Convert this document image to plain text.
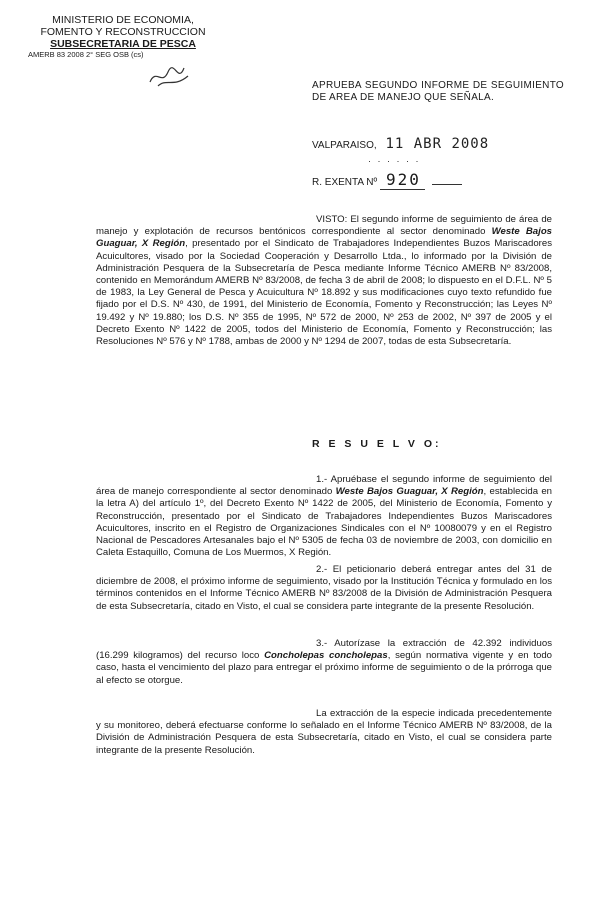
MINISTERIO DE ECONOMIA,
FOMENTO Y RECONSTRUCCION
SUBSECRETARIA DE PESCA
AMERB 83 2008 2° SEG OSB (cs)
APRUEBA SEGUNDO INFORME DE SEGUIMIENTO DE AREA DE MANEJO QUE SEÑALA.
VALPARAISO, 11 ABR 2008
· · · · · ·
R. EXENTA Nº 920
VISTO: El segundo informe de seguimiento de área de manejo y explotación de recursos bentónicos correspondiente al sector denominado Weste Bajos Guaguar, X Región, presentado por el Sindicato de Trabajadores Independientes Buzos Mariscadores Acuicultores, visado por la Sociedad Cooperación y Desarrollo Ltda., lo informado por la División de Administración Pesquera de la Subsecretaría de Pesca mediante Informe Técnico AMERB Nº 83/2008, contenido en Memorándum AMERB Nº 83/2008, de fecha 3 de abril de 2008; lo dispuesto en el D.F.L. Nº 5 de 1983, la Ley General de Pesca y Acuicultura Nº 18.892 y sus modificaciones cuyo texto refundido fue fijado por el D.S. Nº 430, de 1991, del Ministerio de Economía, Fomento y Reconstrucción; las Leyes Nº 19.492 y Nº 19.880; los D.S. Nº 355 de 1995, Nº 572 de 2000, Nº 253 de 2002, Nº 397 de 2005 y el Decreto Exento Nº 1422 de 2005, todos del Ministerio de Economía, Fomento y Reconstrucción; las Resoluciones Nº 576 y Nº 1788, ambas de 2000 y Nº 1294 de 2007, todas de esta Subsecretaría.
R E S U E L V O:
1.- Apruébase el segundo informe de seguimiento del área de manejo correspondiente al sector denominado Weste Bajos Guaguar, X Región, establecida en la letra A) del artículo 1º, del Decreto Exento Nº 1422 de 2005, del Ministerio de Economía, Fomento y Reconstrucción, presentado por el Sindicato de Trabajadores Independientes Buzos Mariscadores Acuicultores, inscrito en el Registro de Organizaciones Sindicales con el Nº 10080079 y en el Registro Nacional de Pescadores Artesanales bajo el Nº 5305 de fecha 03 de noviembre de 2003, con domicilio en Caleta Estaquillo, Comuna de Los Muermos, X Región.
2.- El peticionario deberá entregar antes del 31 de diciembre de 2008, el próximo informe de seguimiento, visado por la Institución Técnica y formulado en los términos contenidos en el Informe Técnico AMERB Nº 83/2008 de la División de Administración Pesquera de esta Subsecretaría, citado en Visto, el cual se considera parte integrante de la presente Resolución.
3.- Autorízase la extracción de 42.392 individuos (16.299 kilogramos) del recurso loco Concholepas concholepas, según normativa vigente y en todo caso, hasta el vencimiento del plazo para entregar el próximo informe de seguimiento o de la prórroga que al efecto se otorgue.
La extracción de la especie indicada precedentemente y su monitoreo, deberá efectuarse conforme lo señalado en el Informe Técnico AMERB Nº 83/2008, de la División de Administración Pesquera de esta Subsecretaría, citado en Visto, el cual se considera parte integrante de la presente Resolución.
